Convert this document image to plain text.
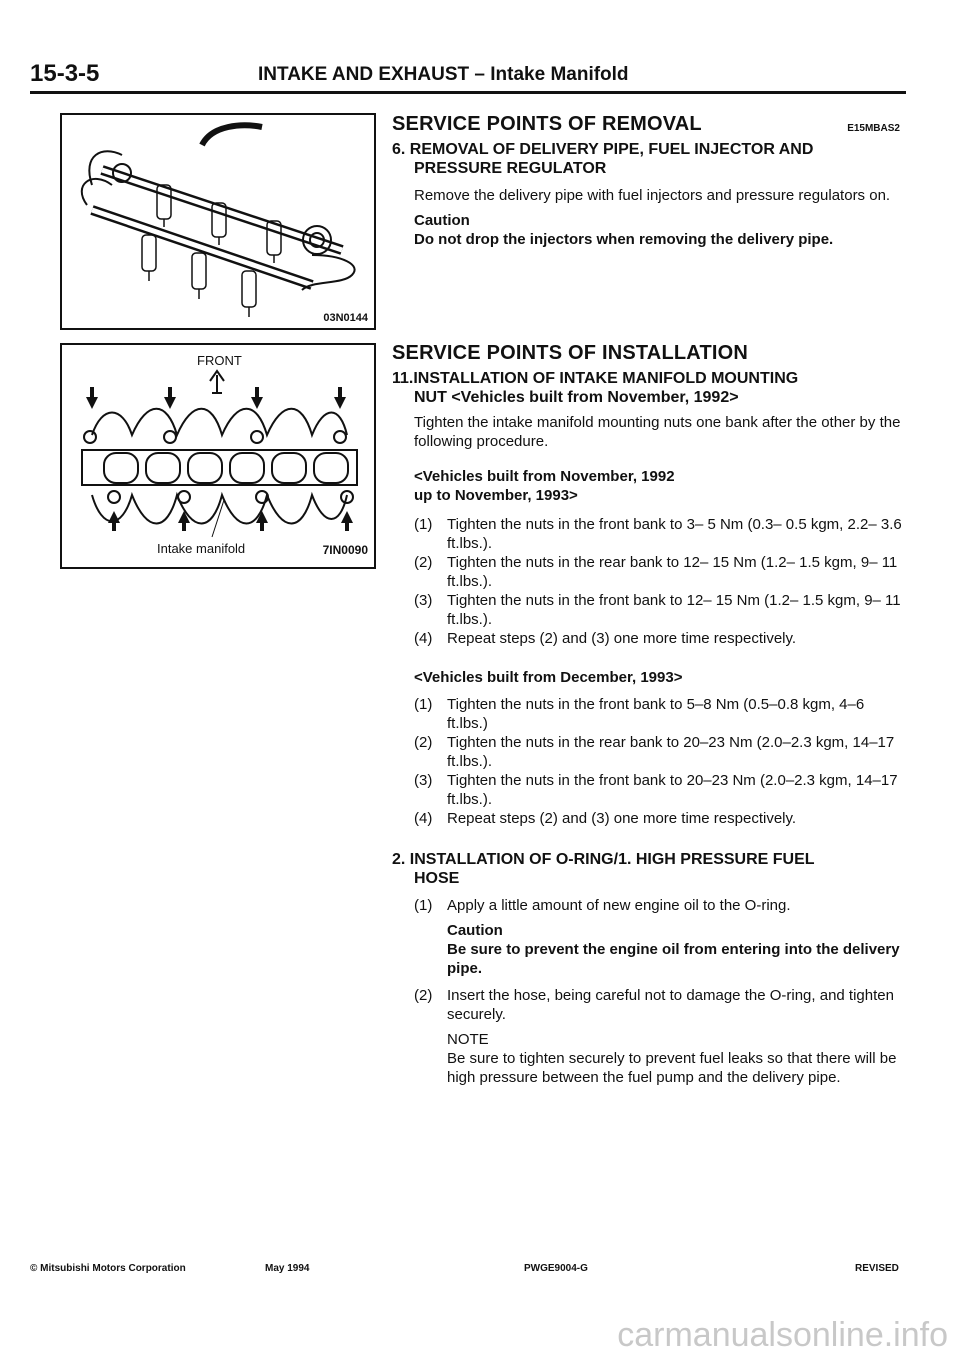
15-3-5	INTAKE AND EXHAUST – Intake Manifold
03N0144
FRONT
Intake manifold	7IN0090

SERVICE POINTS OF REMOVAL	E15MBAS2

6. REMOVAL OF DELIVERY PIPE, FUEL INJECTOR AND

PRESSURE REGULATOR

Remove the delivery pipe with fuel injectors and pressure regulators on.

Caution

Do not drop the injectors when removing the delivery pipe.

SERVICE POINTS OF INSTALLATION

11.INSTALLATION OF INTAKE MANIFOLD MOUNTING

NUT <Vehicles built from November, 1992>

Tighten the intake manifold mounting nuts one bank after the other by the following procedure.

<Vehicles built from November, 1992

up to November, 1993>

(1) Tighten the nuts in the front bank to 3– 5 Nm (0.3– 0.5 kgm, 2.2– 3.6 ft.lbs.).
(2) Tighten the nuts in the rear bank to 12– 15 Nm (1.2– 1.5 kgm, 9– 11 ft.lbs.).
(3) Tighten the nuts in the front bank to 12– 15 Nm (1.2– 1.5 kgm, 9– 11 ft.lbs.).
(4) Repeat steps (2) and (3) one more time respectively.

<Vehicles built from December, 1993>

(1) Tighten the nuts in the front bank to 5–8 Nm (0.5–0.8 kgm, 4–6 ft.lbs.)
(2) Tighten the nuts in the rear bank to 20–23 Nm (2.0–2.3 kgm, 14–17 ft.lbs.).
(3) Tighten the nuts in the front bank to 20–23 Nm (2.0–2.3 kgm, 14–17 ft.lbs.).
(4) Repeat steps (2) and (3) one more time respectively.

2. INSTALLATION OF O-RING/1. HIGH PRESSURE FUEL

HOSE

(1) Apply a little amount of new engine oil to the O-ring.

Caution

Be sure to prevent the engine oil from entering into the delivery pipe.

(2) Insert the hose, being careful not to damage the O-ring, and tighten securely.

NOTE

Be sure to tighten securely to prevent fuel leaks so that there will be high pressure between the fuel pump and the delivery pipe.

© Mitsubishi Motors Corporation	May 1994	PWGE9004-G	REVISED
carmanualsonline.info
